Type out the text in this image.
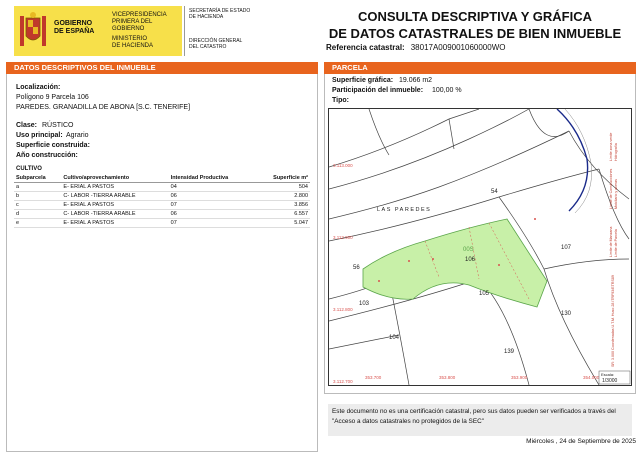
GOBIERNO
DE ESPAÑA
VICEPRESIDENCIA
PRIMERA DEL GOBIERNO
MINISTERIO
DE HACIENDA
SECRETARÍA DE ESTADO
DE HACIENDA
DIRECCIÓN GENERAL
DEL CATASTRO
CONSULTA DESCRIPTIVA Y GRÁFICA
DE DATOS CATASTRALES DE BIEN INMUEBLE
Referencia catastral: 38017A009001060000WO
DATOS DESCRIPTIVOS DEL INMUEBLE
Localización:
Polígono 9 Parcela 106
PAREDES. GRANADILLA DE ABONA [S.C. TENERIFE]
Clase: RÚSTICO
Uso principal: Agrario
Superficie construida:
Año construcción:
CULTIVO
Subparcela	Cultivo/aprovechamiento	Intensidad Productiva	Superficie m²
a	E- ERIAL A PASTOS	04	504
b	C- LABOR -TIERRA ARABLE	06	2.800
c	E- ERIAL A PASTOS	07	3.856
d	C- LABOR -TIERRA ARABLE	06	6.557
e	E- ERIAL A PASTOS	07	5.047
PARCELA
Superficie gráfica: 19.066 m2
Participación del inmueble: 100,00 %
Tipo:
54
106
107
105
103
104
139
56
130
00S
LAS PAREDES
3.113.000
3.112.900
3.112.800
3.112.700
353.700	353.800	353.900	354.000
Limite de Manzana Limite de Parcela
Limite de Construcciones Mobiliario y aceras
Limite zona verde Hidrografía
SR: 3.000 Coordenadas U.T.M. Huso 28 ITRF93/ETRS89
Escala:
1/3000
Este documento no es una certificación catastral, pero sus datos pueden ser verificados a través del "Acceso a datos catastrales no protegidos de la SEC"
Miércoles , 24 de Septiembre de 2025
